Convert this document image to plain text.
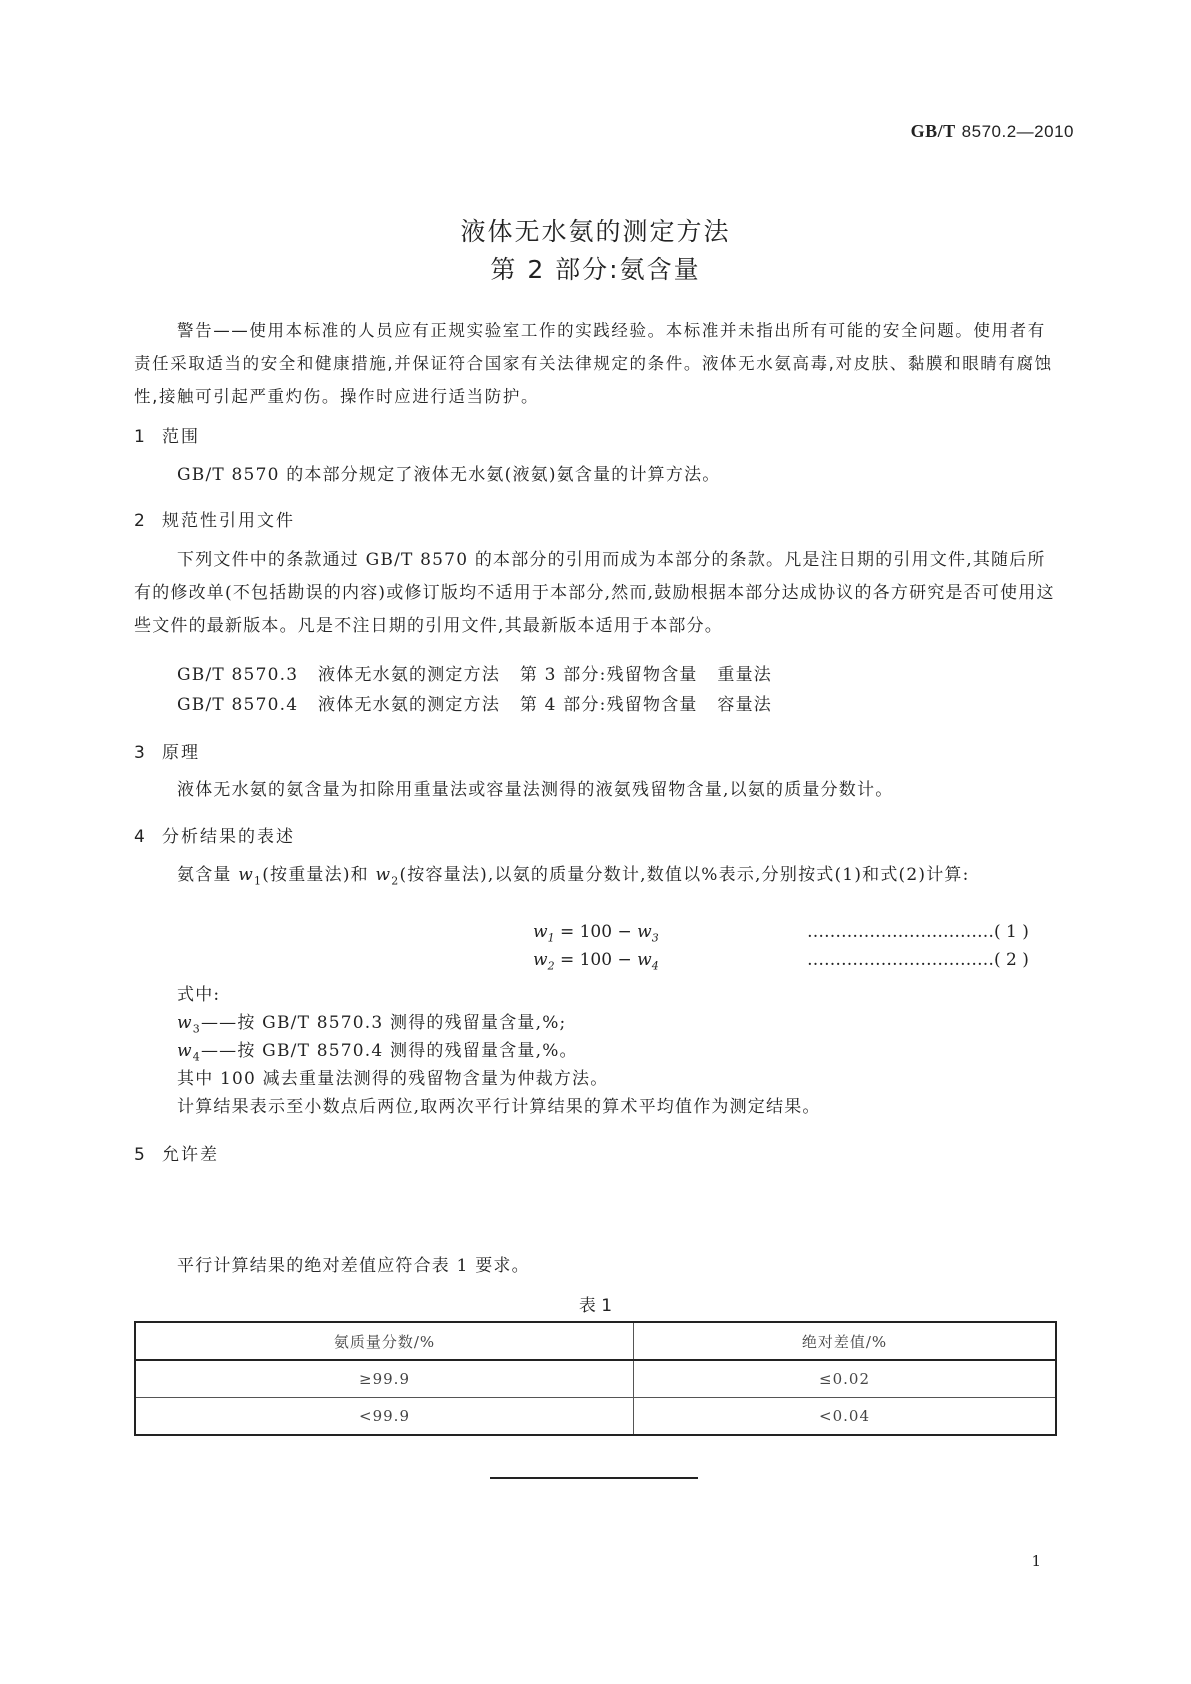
GB/T 8570.2—2010
液体无水氨的测定方法
第 2 部分:氨含量
警告——使用本标准的人员应有正规实验室工作的实践经验。本标准并未指出所有可能的安全问题。使用者有责任采取适当的安全和健康措施,并保证符合国家有关法律规定的条件。液体无水氨高毒,对皮肤、黏膜和眼睛有腐蚀性,接触可引起严重灼伤。操作时应进行适当防护。
1 范围
GB/T 8570 的本部分规定了液体无水氨(液氨)氨含量的计算方法。
2 规范性引用文件
下列文件中的条款通过 GB/T 8570 的本部分的引用而成为本部分的条款。凡是注日期的引用文件,其随后所有的修改单(不包括勘误的内容)或修订版均不适用于本部分,然而,鼓励根据本部分达成协议的各方研究是否可使用这些文件的最新版本。凡是不注日期的引用文件,其最新版本适用于本部分。
GB/T 8570.3   液体无水氨的测定方法   第 3 部分:残留物含量   重量法
GB/T 8570.4   液体无水氨的测定方法   第 4 部分:残留物含量   容量法
3 原理
液体无水氨的氨含量为扣除用重量法或容量法测得的液氨残留物含量,以氨的质量分数计。
4 分析结果的表述
氨含量 $w_1$(按重量法)和 $w_2$(按容量法),以氨的质量分数计,数值以%表示,分别按式(1)和式(2)计算:
$w_1 = 100 - w_3$	……………………………( 1 )
$w_2 = 100 - w_4$	……………………………( 2 )
式中:
$w_3——$按 GB/T 8570.3 测得的残留量含量,%;
$w_4——$按 GB/T 8570.4 测得的残留量含量,%。
其中 100 减去重量法测得的残留物含量为仲裁方法。
计算结果表示至小数点后两位,取两次平行计算结果的算术平均值作为测定结果。
5 允许差
平行计算结果的绝对差值应符合表 1 要求。
表 1
氨质量分数/%	绝对差值/%
≥99.9	≤0.02
<99.9	<0.04
1
